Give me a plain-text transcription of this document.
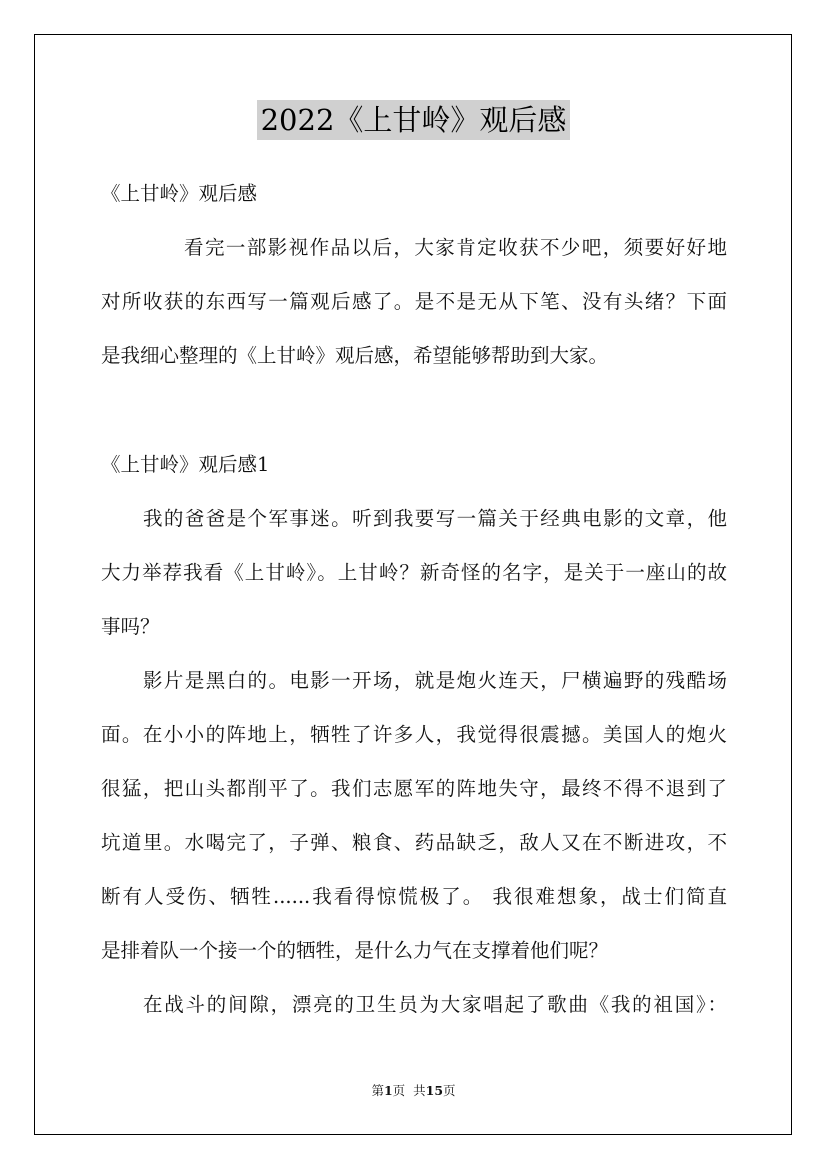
2022《上甘岭》观后感
《上甘岭》观后感
看完一部影视作品以后，大家肯定收获不少吧，须要好好地
对所收获的东西写一篇观后感了。是不是无从下笔、没有头绪？下面
是我细心整理的《上甘岭》观后感，希望能够帮助到大家。
《上甘岭》观后感1
我的爸爸是个军事迷。听到我要写一篇关于经典电影的文章，他
大力举荐我看《上甘岭》。上甘岭？新奇怪的名字，是关于一座山的故
事吗？
影片是黑白的。电影一开场，就是炮火连天，尸横遍野的残酷场
面。在小小的阵地上，牺牲了许多人，我觉得很震撼。美国人的炮火
很猛，把山头都削平了。我们志愿军的阵地失守，最终不得不退到了
坑道里。水喝完了，子弹、粮食、药品缺乏，敌人又在不断进攻，不
断有人受伤、牺牲......我看得惊慌极了。 我很难想象，战士们简直
是排着队一个接一个的牺牲，是什么力气在支撑着他们呢？
在战斗的间隙，漂亮的卫生员为大家唱起了歌曲《我的祖国》：
第1页  共15页
